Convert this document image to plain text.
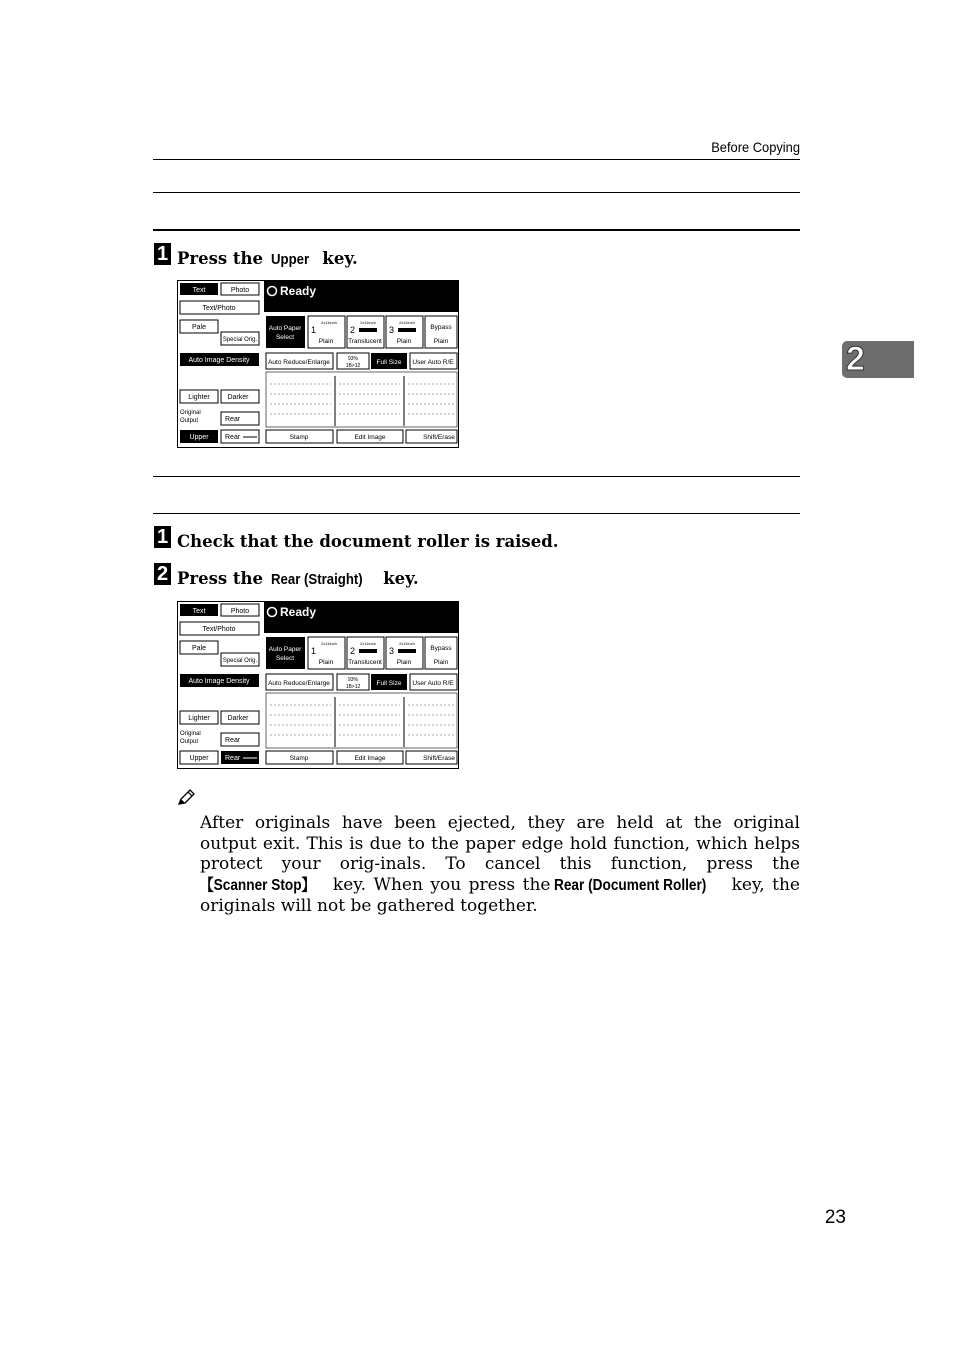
Before Copying
2
1 Press the Upper key.
Ready
Text	Photo
Text/Photo
Pale
Special Orig.
Auto Image Density
Lighter	Darker
Original
Output	Rear
Upper Rear
Auto Paper
Select
1
Plain
2x11inch
2
Translucent
2x11inch
3
Plain
2x11inch
Bypass
Plain
Auto Reduce/Enlarge	93%
1B>12 Full Size User Auto R/E
Stamp	Edit Image	Shift/Erase
1 Check that the document roller is raised.
2 Press the Rear (Straight) key.
Ready
Text	Photo
Text/Photo
Pale
Special Orig.
Auto Image Density
Lighter	Darker
Original
Output	Rear
Upper Rear
Auto Paper
Select
1
Plain
2x11inch
2
Translucent
2x11inch
3
Plain
2x11inch
Bypass
Plain
Auto Reduce/Enlarge	93%
1B>12 Full Size User Auto R/E
Stamp	Edit Image	Shift/Erase
After originals have been ejected, they are held at the original output exit. This is due to the paper edge hold function, which helps protect your orig-inals. To cancel this function, press the【Scanner Stop】 key. When you press the Rear (Document Roller) key, the originals will not be gathered together.
23
